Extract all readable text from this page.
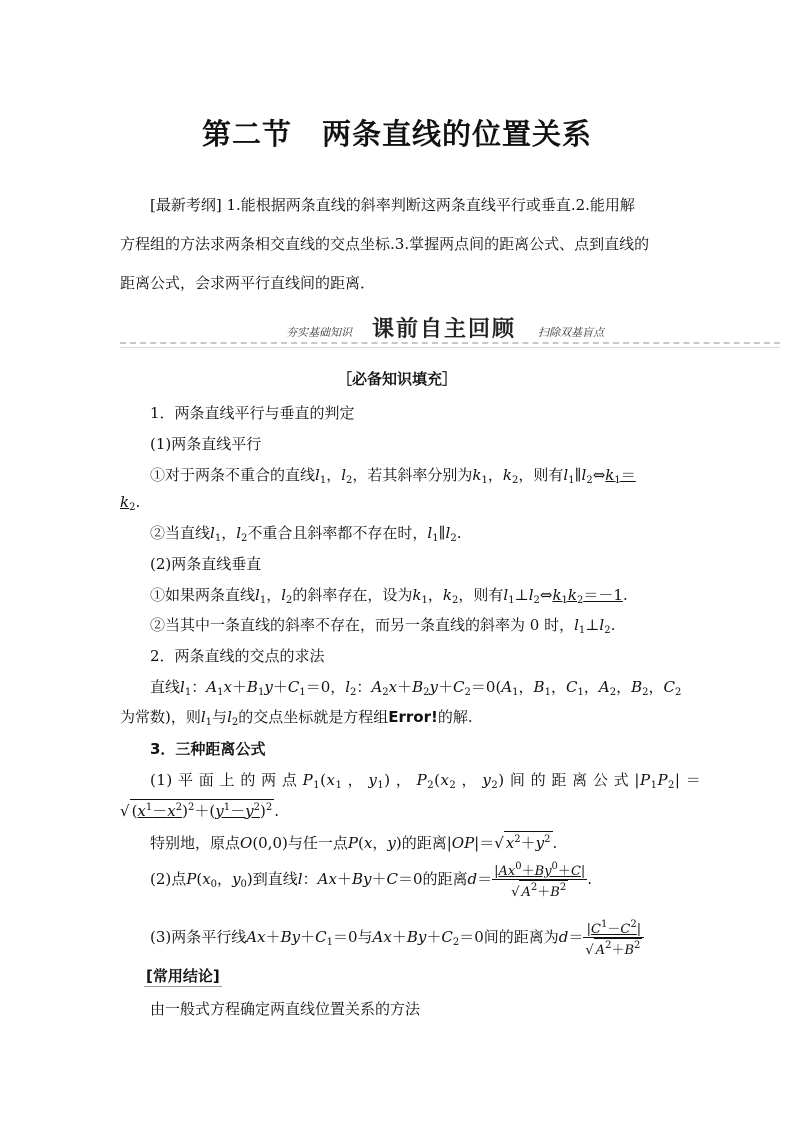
第二节 两条直线的位置关系
[最新考纲] 1.能根据两条直线的斜率判断这两条直线平行或垂直.2.能用解
方程组的方法求两条相交直线的交点坐标.3.掌握两点间的距离公式、点到直线的
距离公式，会求两平行直线间的距离．
夯实基础知识 课前自主回顾 扫除双基盲点
［必备知识填充］
1．两条直线平行与垂直的判定
(1)两条直线平行
①对于两条不重合的直线$l_1$，$l_2$，若其斜率分别为$k_1$，$k_2$，则有$l_1\parallel l_2\Leftrightarrow k_1=$
$k_2$.
②当直线$l_1$，$l_2$不重合且斜率都不存在时，$l_1\parallel l_2$.
(2)两条直线垂直
①如果两条直线$l_1$，$l_2$的斜率存在，设为$k_1$，$k_2$，则有$l_1\perp l_2\Leftrightarrow k_1k_2=-1$.
②当其中一条直线的斜率不存在，而另一条直线的斜率为 0 时，$l_1\perp l_2$.
2．两条直线的交点的求法
直线$l_1$：$A_1x+B_1y+C_1=0$，$l_2$：$A_2x+B_2y+C_2=0(A_1$，$B_1$，$C_1$，$A_2$，$B_2$，$C_2$
为常数)，则$l_1$与$l_2$的交点坐标就是方程组Error!的解.
3．三种距离公式
(1) 平 面 上 的 两 点 $P_1(x_1$ ， $y_1$) ， $P_2(x_2$ ， $y_2$) 间 的 距 离 公 式 $|P_1P_2|$ ＝
√ $(x^1-x^2)^2+(y^1-y^2)^2$ .
特别地，原点O(0,0)与任一点P(x，y)的距离|OP|＝√ $x^2+y^2$ .
(2)点$P(x_0$，$y_0$)到直线l：Ax＋By＋C＝0的距离$d= \frac{|Ax^0+By^0+C|}{√ A^2+B^2}$ .
(3)两条平行线$Ax+By+C_1=0$与$Ax+By+C_2=0$间的距离为$d= \frac{|C^1-C^2|}{√ A^2+B^2}$
[常用结论]
由一般式方程确定两直线位置关系的方法
